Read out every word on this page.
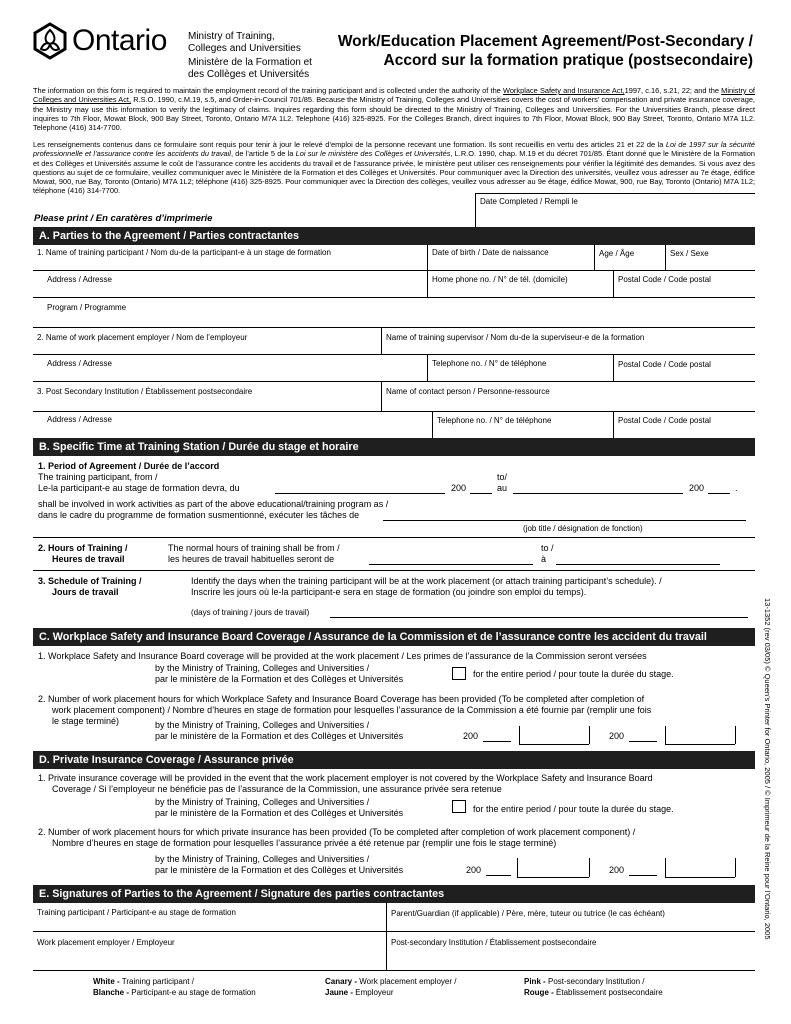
Ontario Ministry of Training,
Colleges and Universities
Ministère de la Formation et
des Collèges et Universités
Work/Education Placement Agreement/Post-Secondary /
Accord sur la formation pratique (postsecondaire)
The information on this form is required to maintain the employment record of the training participant and is collected under the authority of the Workplace Safety and Insurance Act,1997, c.16, s.21, 22; and the Ministry of Colleges and Universities Act, R.S.O. 1990, c.M.19, s.5, and Order-in-Council 701/85. Because the Ministry of Training, Colleges and Universities covers the cost of workers’ compensation and private insurance coverage, the Ministry may use this information to verify the legitimacy of claims. Inquires regarding this form should be directed to the Ministry of Training, Colleges and Universities. For the Universities Branch, please direct inquires to 7th Floor, Mowat Block, 900 Bay Street, Toronto, Ontario M7A 1L2. Telephone (416) 325-8925. For the Colleges Branch, direct inquires to 7th Floor, Mowat Block, 900 Bay Street, Toronto, Ontario M7A 1L2. Telephone (416) 314-7700.
Les renseignements contenus dans ce formulaire sont requis pour tenir à jour le relevé d’emploi de la personne recevant une formation. Ils sont recueillis en vertu des articles 21 et 22 de la Loi de 1997 sur la sécurité professionnelle et l’assurance contre les accidents du travail, de l’article 5 de la Loi sur le ministère des Collèges et Universités, L.R.O. 1990, chap. M.19 et du décret 701/85. Étant donné que le Ministère de la Formation et des Collèges et Universités assume le coût de l’assurance contre les accidents du travail et de l’assurance privée, le ministère peut utiliser ces renseignements pour vérifier la légitimité des demandes. Si vous avez des questions au sujet de ce formulaire, veuillez communiquer avec le Ministère de la Formation et des Collèges et Universités. Pour communiquer avec la Direction des universités, veuillez vous adresser au 7e étage, édifice Mowat, 900, rue Bay, Toronto (Ontario) M7A 1L2; téléphone (416) 325-8925. Pour communiquer avec la Direction des collèges, veuillez vous adresser au 9e étage, édifice Mowat, 900, rue Bay, Toronto (Ontario) M7A 1L2; téléphone (416) 314-7700.
Date Completed / Rempli le
Please print / En caratères d’imprimerie
A. Parties to the Agreement / Parties contractantes
1. Name of training participant / Nom du-de la participant-e à un stage de formation	Date of birth / Date de naissance	Age / Âge	Sex / Sexe
Address / Adresse	Home phone no. / N° de tél. (domicile)	Postal Code / Code postal
Program / Programme
2. Name of work placement employer / Nom de l’employeur	Name of training supervisor / Nom du-de la superviseur-e de la formation
Address / Adresse	Telephone no. / N° de téléphone	Postal Code / Code postal
3. Post Secondary Institution / Établissement postsecondaire	Name of contact person / Personne-ressource
Address / Adresse	Telephone no. / N° de téléphone	Postal Code / Code postal
B. Specific Time at Training Station / Durée du stage et horaire
1. Period of Agreement / Durée de l’accord
The training participant, from /
Le-la participant-e au stage de formation devra, du	200
to/
au	200	.
shall be involved in work activities as part of the above educational/training program as /
dans le cadre du programme de formation susmentionné, exécuter les tâches de
(job title / désignation de fonction)
2. Hours of Training /
Heures de travail
The normal hours of training shall be from /
les heures de travail habituelles seront de
to /
à
3. Schedule of Training /
Jours de travail
Identify the days when the training participant will be at the work placement (or attach training participant’s schedule). /
Inscrire les jours où le-la participant-e sera en stage de formation (ou joindre son emploi du temps).
(days of training / jours de travail)
C. Workplace Safety and Insurance Board Coverage / Assurance de la Commission et de l’assurance contre les accident du travail
1. Workplace Safety and Insurance Board coverage will be provided at the work placement / Les primes de l’assurance de la Commission seront versées
by the Ministry of Training, Colleges and Universities /
par le ministère de la Formation et des Collèges et Universités	for the entire period / pour toute la durée du stage.
2. Number of work placement hours for which Workplace Safety and Insurance Board Coverage has been provided (To be completed after completion of
work placement component) / Nombre d’heures en stage de formation pour lesquelles l’assurance de la Commission a été fournie par (remplir une fois
le stage terminé)	by the Ministry of Training, Colleges and Universities /
par le ministère de la Formation et des Collèges et Universités	200	200
D. Private Insurance Coverage / Assurance privée
1. Private insurance coverage will be provided in the event that the work placement employer is not covered by the Workplace Safety and Insurance Board
Coverage / Si l’employeur ne bénéficie pas de l’assurance de la Commission, une assurance privée sera retenue
by the Ministry of Training, Colleges and Universities /
par le ministère de la Formation et des Collèges et Universités	for the entire period / pour toute la durée du stage.
2. Number of work placement hours for which private insurance has been provided (To be completed after completion of work placement component) /
Nombre d’heures en stage de formation pour lesquelles l’assurance privée a été retenue par (remplir une fois le stage terminé)
by the Ministry of Training, Colleges and Universities /
par le ministère de la Formation et des Collèges et Universités	200	200
E. Signatures of Parties to the Agreement / Signature des parties contractantes
Training participant / Participant-e au stage de formation	Parent/Guardian (if applicable) / Père, mère, tuteur ou tutrice (le cas échéant)
Work placement employer / Employeur	Post-secondary Institution / Établissement postsecondaire
White - Training participant /
Blanche - Participant-e au stage de formation
Canary - Work placement employer /
Jaune - Employeur
Pink - Post-secondary Institution /
Rouge - Établissement postsecondaire
13-1352 (rev 03/05) © Queen’s Printer for Ontario, 2005 / © Imprimeur de la Reine pour l’Ontario, 2005
